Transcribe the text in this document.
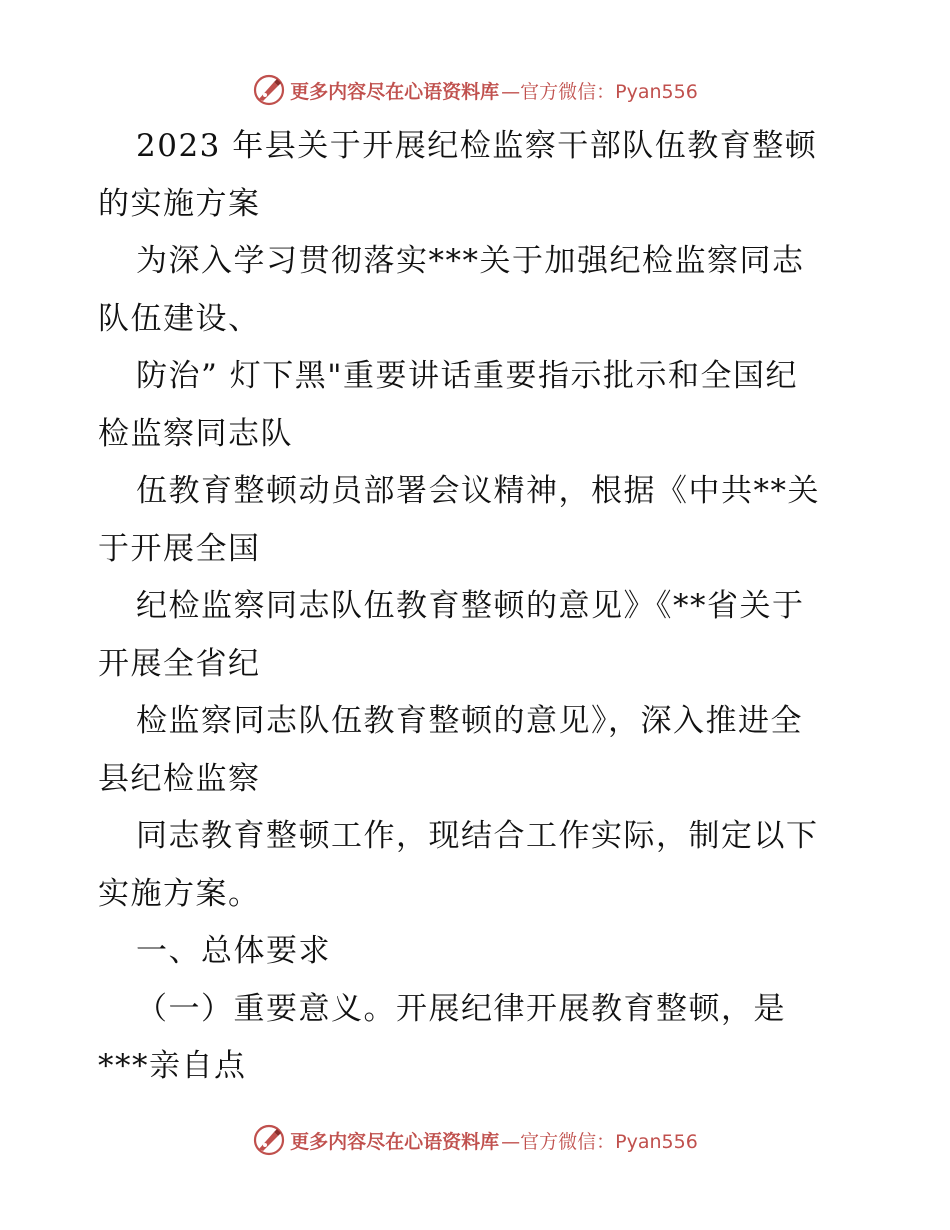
更多内容尽在心语资料库 —官方微信：Pyan556
2023 年县关于开展纪检监察干部队伍教育整顿
的实施方案
为深入学习贯彻落实***关于加强纪检监察同志
队伍建设、
防治” 灯下黑"重要讲话重要指示批示和全国纪
检监察同志队
伍教育整顿动员部署会议精神，根据《中共**关
于开展全国
纪检监察同志队伍教育整顿的意见》《**省关于
开展全省纪
检监察同志队伍教育整顿的意见》，深入推进全
县纪检监察
同志教育整顿工作，现结合工作实际，制定以下
实施方案。
一、总体要求
（一）重要意义。开展纪律开展教育整顿，是
***亲自点
更多内容尽在心语资料库 —官方微信：Pyan556
